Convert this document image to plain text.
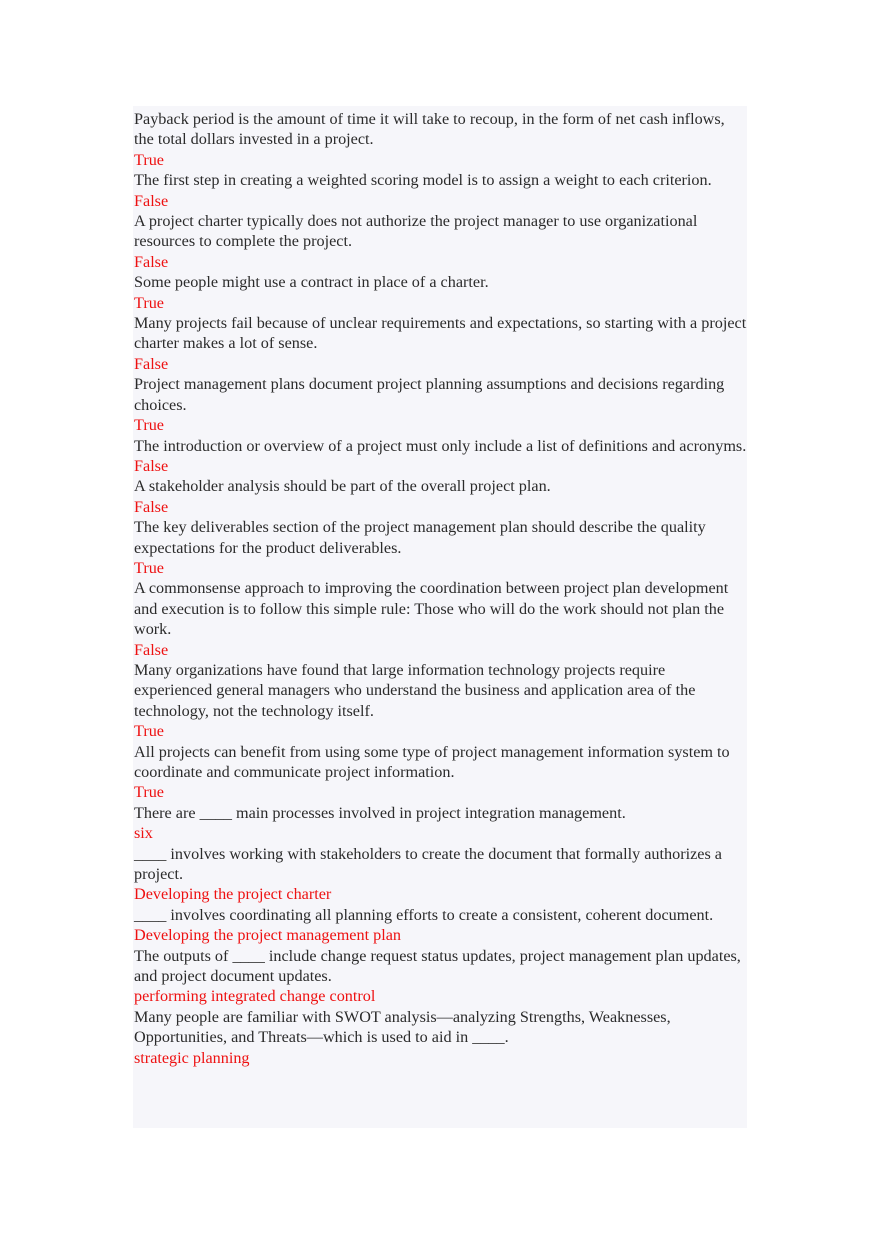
Payback period is the amount of time it will take to recoup, in the form of net cash inflows, the total dollars invested in a project.

True

The first step in creating a weighted scoring model is to assign a weight to each criterion.

False

A project charter typically does not authorize the project manager to use organizational resources to complete the project.

False

Some people might use a contract in place of a charter.

True

Many projects fail because of unclear requirements and expectations, so starting with a project charter makes a lot of sense.

False

Project management plans document project planning assumptions and decisions regarding choices.

True

The introduction or overview of a project must only include a list of definitions and acronyms.

False

A stakeholder analysis should be part of the overall project plan.

False

The key deliverables section of the project management plan should describe the quality expectations for the product deliverables.

True

A commonsense approach to improving the coordination between project plan development and execution is to follow this simple rule: Those who will do the work should not plan the work.

False

Many organizations have found that large information technology projects require experienced general managers who understand the business and application area of the technology, not the technology itself.

True

All projects can benefit from using some type of project management information system to coordinate and communicate project information.

True

There are ____ main processes involved in project integration management.

six

____ involves working with stakeholders to create the document that formally authorizes a project.

Developing the project charter

____ involves coordinating all planning efforts to create a consistent, coherent document.

Developing the project management plan

The outputs of ____ include change request status updates, project management plan updates, and project document updates.

performing integrated change control

Many people are familiar with SWOT analysis—analyzing Strengths, Weaknesses, Opportunities, and Threats—which is used to aid in ____.

strategic planning
